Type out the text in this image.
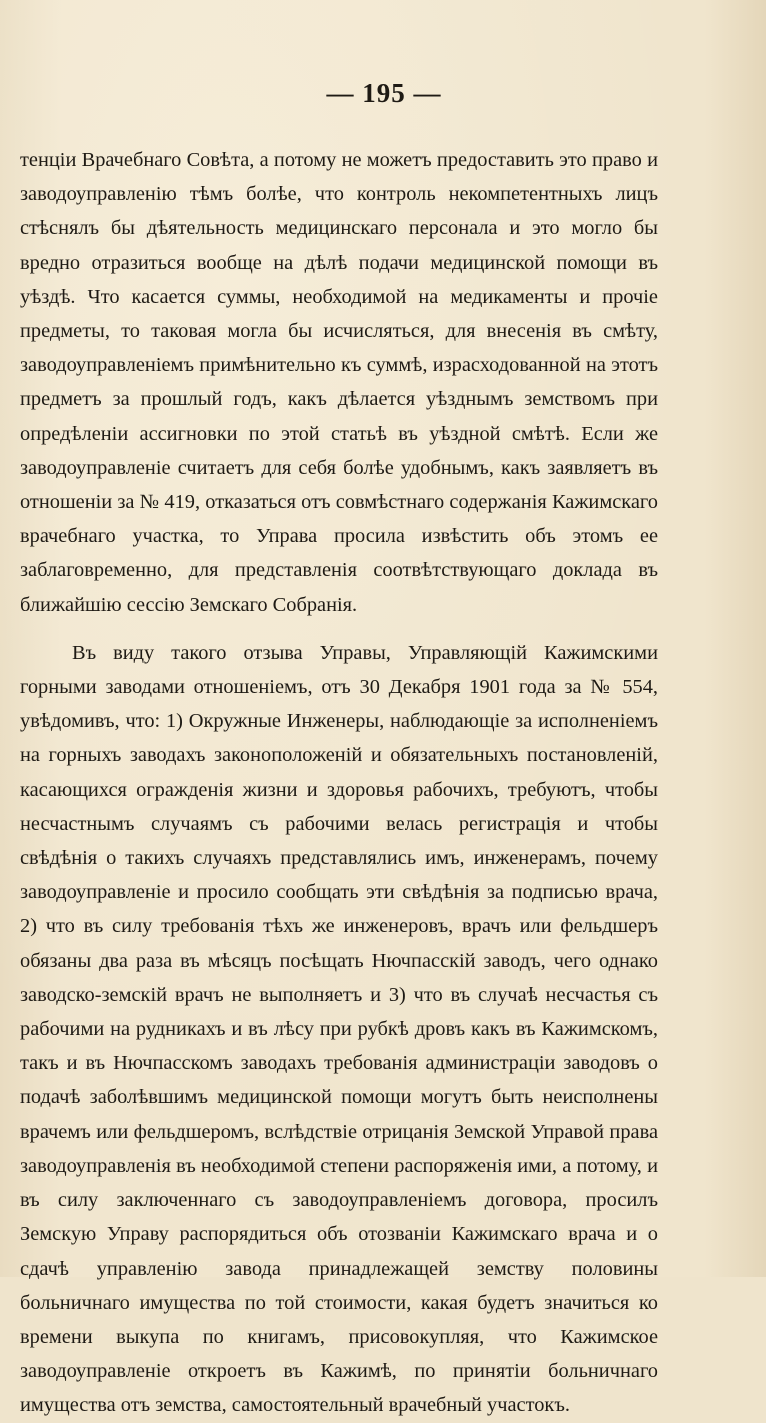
— 195 —

тенціи Врачебнаго Совѣта, а потому не можетъ предоставить это право и заводоуправленію тѣмъ болѣе, что контроль некомпетентныхъ лицъ стѣснялъ бы дѣятельность медицинскаго персонала и это могло бы вредно отразиться вообще на дѣлѣ подачи медицинской помощи въ уѣздѣ. Что касается суммы, необходимой на медикаменты и прочіе предметы, то таковая могла бы исчисляться, для внесенія въ смѣту, заводоуправленіемъ примѣнительно къ суммѣ, израсходованной на этотъ предметъ за прошлый годъ, какъ дѣлается уѣзднымъ земствомъ при опредѣленіи ассигновки по этой статьѣ въ уѣздной смѣтѣ. Если же заводоуправленіе считаетъ для себя болѣе удобнымъ, какъ заявляетъ въ отношеніи за № 419, отказаться отъ совмѣстнаго содержанія Кажимскаго врачебнаго участка, то Управа просила извѣстить объ этомъ ее заблаговременно, для представленія соотвѣтствующаго доклада въ ближайшію сессію Земскаго Собранія.

Въ виду такого отзыва Управы, Управляющій Кажимскими горными заводами отношеніемъ, отъ 30 Декабря 1901 года за № 554, увѣдомивъ, что: 1) Окружные Инженеры, наблюдающіе за исполненіемъ на горныхъ заводахъ законоположеній и обязательныхъ постановленій, касающихся огражденія жизни и здоровья рабочихъ, требуютъ, чтобы несчастнымъ случаямъ съ рабочими велась регистрація и чтобы свѣдѣнія о такихъ случаяхъ представлялись имъ, инженерамъ, почему заводоуправленіе и просило сообщать эти свѣдѣнія за подписью врача, 2) что въ силу требованія тѣхъ же инженеровъ, врачъ или фельдшеръ обязаны два раза въ мѣсяцъ посѣщать Нючпасскій заводъ, чего однако заводско-земскій врачъ не выполняетъ и 3) что въ случаѣ несчастья съ рабочими на рудникахъ и въ лѣсу при рубкѣ дровъ какъ въ Кажимскомъ, такъ и въ Нючпасскомъ заводахъ требованія администраціи заводовъ о подачѣ заболѣвшимъ медицинской помощи могутъ быть неисполнены врачемъ или фельдшеромъ, вслѣдствіе отрицанія Земской Управой права заводоуправленія въ необходимой степени распоряженія ими, а потому, и въ силу заключеннаго съ заводоуправленіемъ договора, просилъ Земскую Управу распорядиться объ отозваніи Кажимскаго врача и о сдачѣ управленію завода принадлежащей земству половины больничнаго имущества по той стоимости, какая будетъ значиться ко времени выкупа по книгамъ, присовокупляя, что Кажимское заводоуправленіе откроетъ въ Кажимѣ, по принятіи больничнаго имущества отъ земства, самостоятельный врачебный участокъ.
